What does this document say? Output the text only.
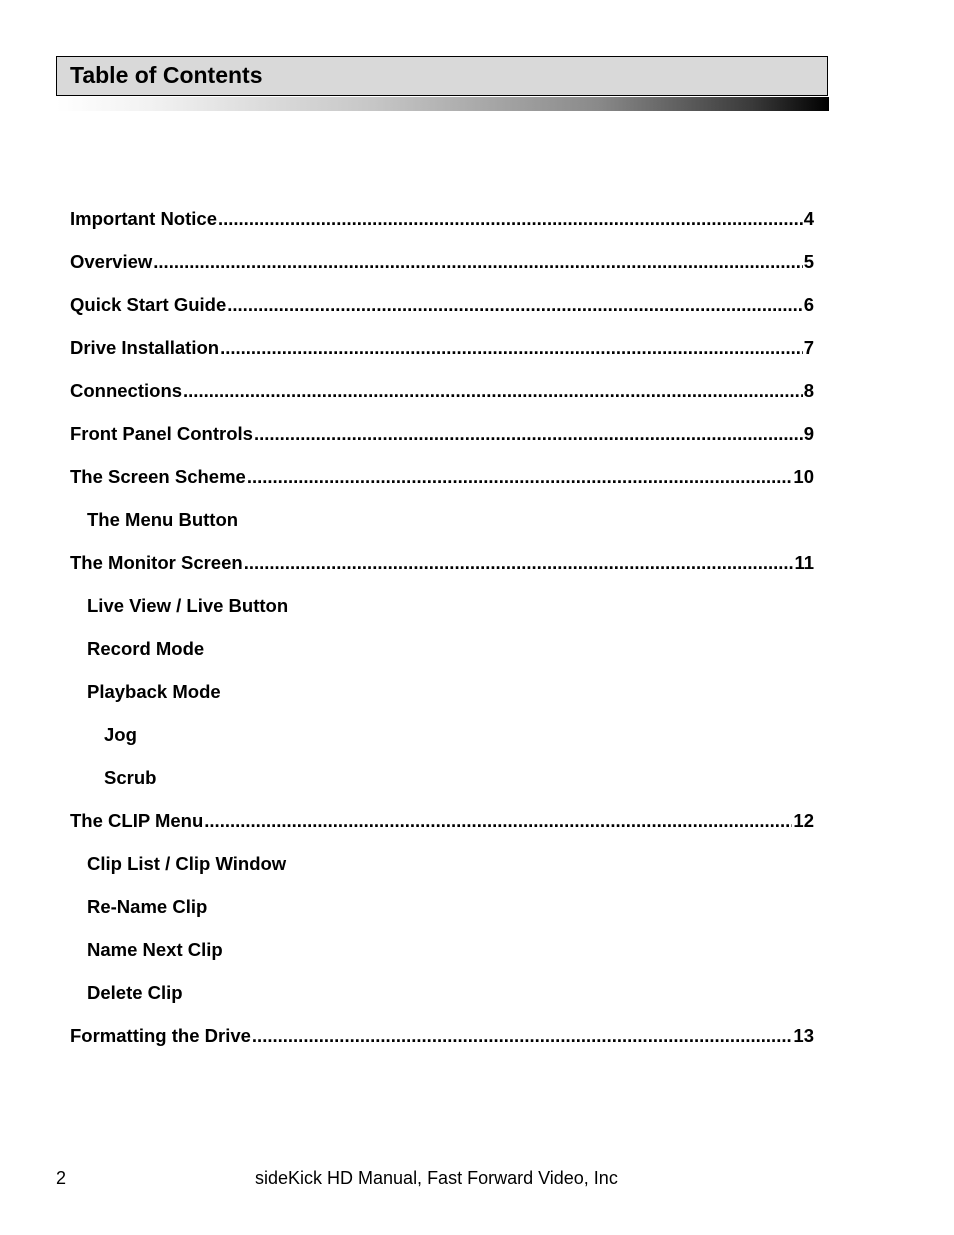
Table of Contents
Important Notice .....	4
Overview .....	5
Quick Start Guide .....	6
Drive Installation .....	7
Connections .....	8
Front Panel Controls .....	9
The Screen Scheme .....	10
The Menu Button
The Monitor Screen .....	11
Live View / Live Button
Record Mode
Playback Mode
Jog
Scrub
The CLIP Menu .....	12
Clip List / Clip Window
Re-Name Clip
Name Next Clip
Delete Clip
Formatting the Drive .....	13
2	sideKick HD Manual, Fast Forward Video, Inc
